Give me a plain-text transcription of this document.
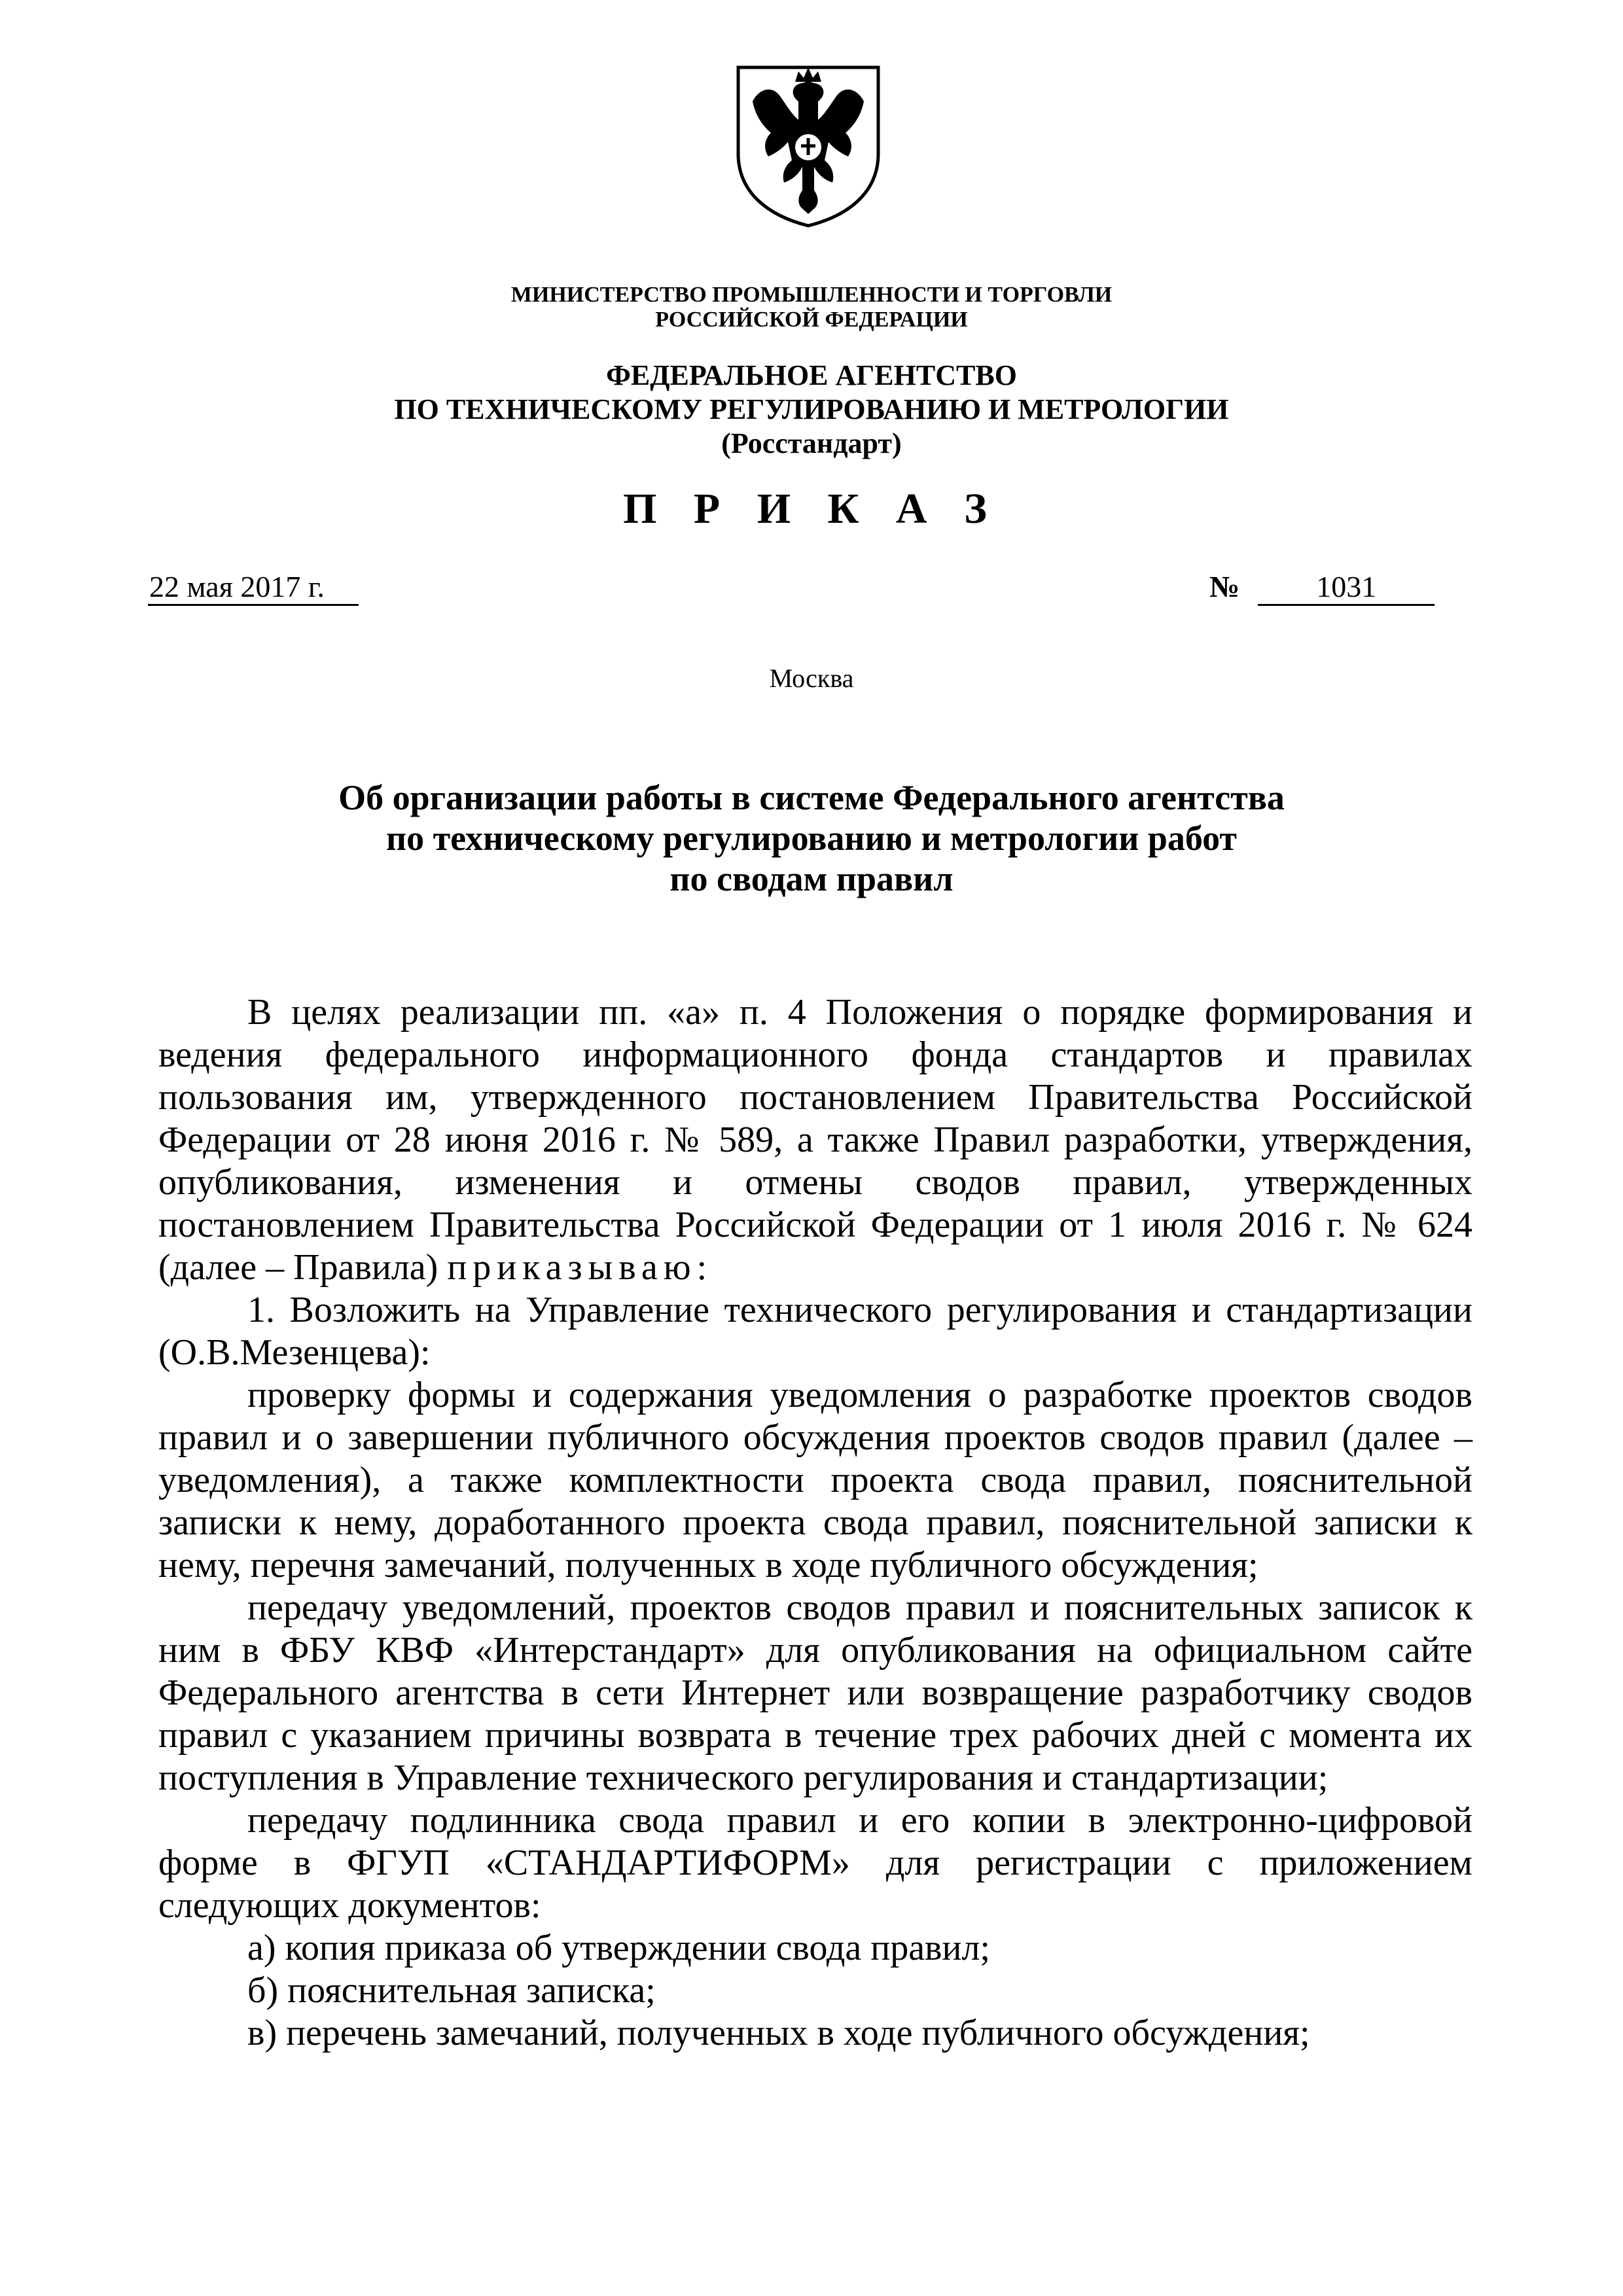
МИНИСТЕРСТВО ПРОМЫШЛЕННОСТИ И ТОРГОВЛИ
РОССИЙСКОЙ ФЕДЕРАЦИИ
ФЕДЕРАЛЬНОЕ АГЕНТСТВО
ПО ТЕХНИЧЕСКОМУ РЕГУЛИРОВАНИЮ И МЕТРОЛОГИИ
(Росстандарт)
П Р И К А З
22 мая 2017 г.	№	1031
Москва
Об организации работы в системе Федерального агентства
по техническому регулированию и метрологии работ
по сводам правил

В целях реализации пп. «а» п. 4 Положения о порядке формирования и ведения федерального информационного фонда стандартов и правилах пользования им, утвержденного постановлением Правительства Российской Федерации от 28 июня 2016 г. № 589, а также Правил разработки, утверждения, опубликования, изменения и отмены сводов правил, утвержденных постановлением Правительства Российской Федерации от 1 июля 2016 г. № 624 (далее – Правила) приказываю:

1. Возложить на Управление технического регулирования и стандартизации (О.В.Мезенцева):

проверку формы и содержания уведомления о разработке проектов сводов правил и о завершении публичного обсуждения проектов сводов правил (далее – уведомления), а также комплектности проекта свода правил, пояснительной записки к нему, доработанного проекта свода правил, пояснительной записки к нему, перечня замечаний, полученных в ходе публичного обсуждения;

передачу уведомлений, проектов сводов правил и пояснительных записок к ним в ФБУ КВФ «Интерстандарт» для опубликования на официальном сайте Федерального агентства в сети Интернет или возвращение разработчику сводов правил с указанием причины возврата в течение трех рабочих дней с момента их поступления в Управление технического регулирования и стандартизации;

передачу подлинника свода правил и его копии в электронно-цифровой форме в ФГУП «СТАНДАРТИФОРМ» для регистрации с приложением следующих документов:

а) копия приказа об утверждении свода правил;

б) пояснительная записка;

в) перечень замечаний, полученных в ходе публичного обсуждения;
